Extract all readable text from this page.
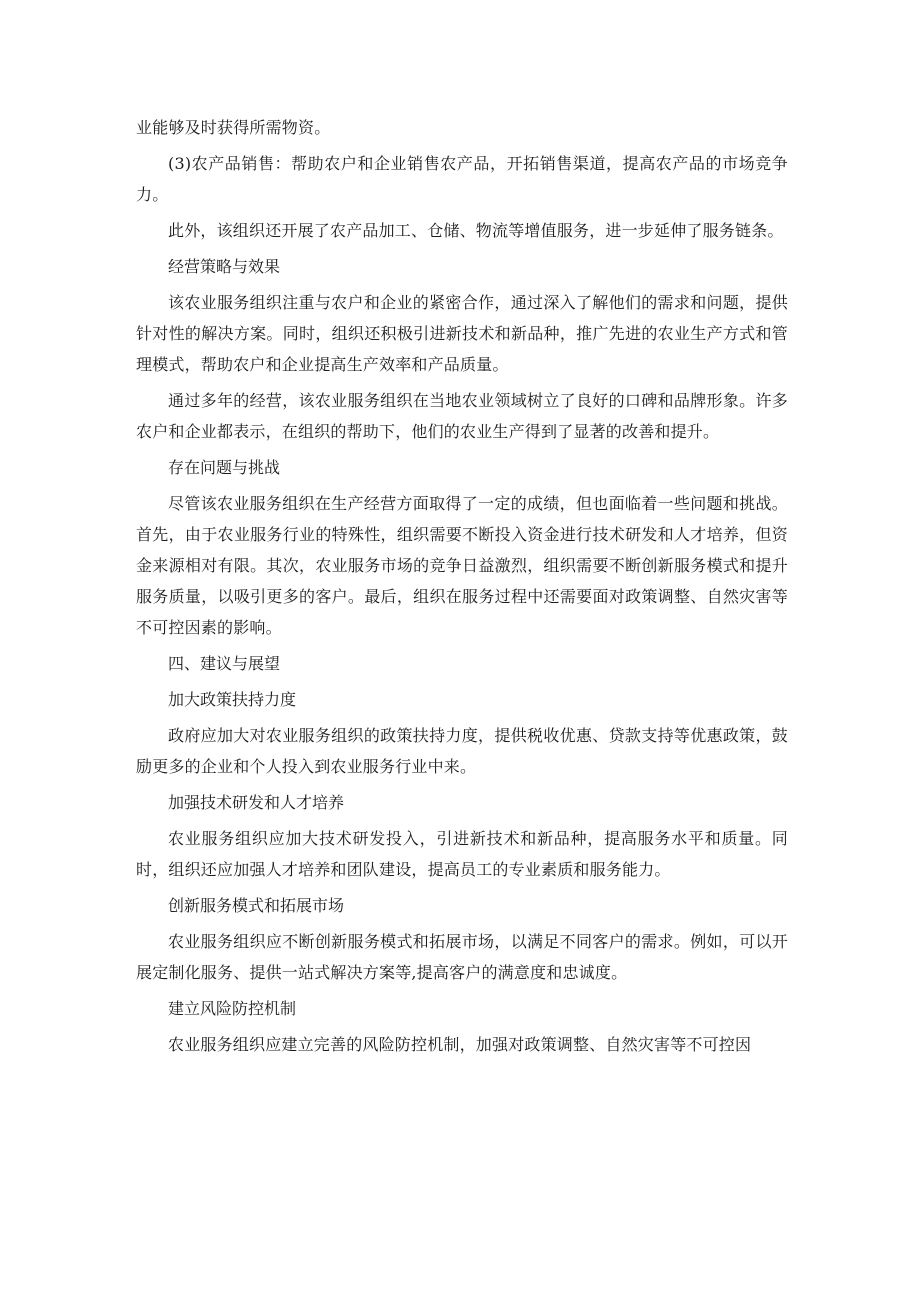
业能够及时获得所需物资。

(3)农产品销售：帮助农户和企业销售农产品，开拓销售渠道，提高农产品的市场竞争力。

此外，该组织还开展了农产品加工、仓储、物流等增值服务，进一步延伸了服务链条。

经营策略与效果

该农业服务组织注重与农户和企业的紧密合作，通过深入了解他们的需求和问题，提供针对性的解决方案。同时，组织还积极引进新技术和新品种，推广先进的农业生产方式和管理模式，帮助农户和企业提高生产效率和产品质量。

通过多年的经营，该农业服务组织在当地农业领域树立了良好的口碑和品牌形象。许多农户和企业都表示，在组织的帮助下，他们的农业生产得到了显著的改善和提升。

存在问题与挑战

尽管该农业服务组织在生产经营方面取得了一定的成绩，但也面临着一些问题和挑战。首先，由于农业服务行业的特殊性，组织需要不断投入资金进行技术研发和人才培养，但资金来源相对有限。其次，农业服务市场的竞争日益激烈，组织需要不断创新服务模式和提升服务质量，以吸引更多的客户。最后，组织在服务过程中还需要面对政策调整、自然灾害等不可控因素的影响。

四、建议与展望

加大政策扶持力度

政府应加大对农业服务组织的政策扶持力度，提供税收优惠、贷款支持等优惠政策，鼓励更多的企业和个人投入到农业服务行业中来。

加强技术研发和人才培养

农业服务组织应加大技术研发投入，引进新技术和新品种，提高服务水平和质量。同时，组织还应加强人才培养和团队建设，提高员工的专业素质和服务能力。

创新服务模式和拓展市场

农业服务组织应不断创新服务模式和拓展市场，以满足不同客户的需求。例如，可以开展定制化服务、提供一站式解决方案等,提高客户的满意度和忠诚度。

建立风险防控机制

农业服务组织应建立完善的风险防控机制，加强对政策调整、自然灾害等不可控因
